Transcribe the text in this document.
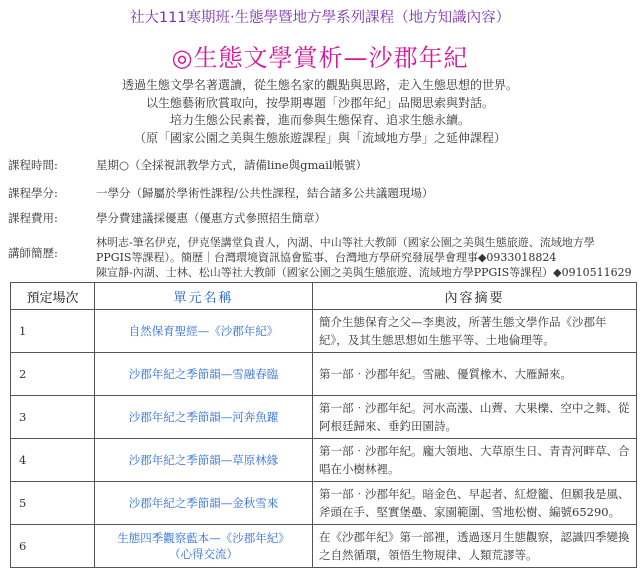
社大111寒期班‧生態學暨地方學系列課程（地方知識內容）
◎生態文學賞析—沙郡年紀
透過生態文學名著選讀，從生態名家的觀點與思路，走入生態思想的世界。
以生態藝術欣賞取向，按學期專題「沙郡年紀」品閱思索與對話。
培力生態公民素養，進而參與生態保育、追求生態永續。
（原「國家公園之美與生態旅遊課程」與「流域地方學」之延伸課程）
課程時間:	星期○（全採視訊教學方式，請備line與gmail帳號）
課程學分:	一學分（歸屬於學術性課程/公共性課程，結合諸多公共議題現場）
課程費用:	學分費建議採優惠（優惠方式參照招生簡章）
講師簡歷:
林明志-筆名伊克，伊克堡講堂負責人，內湖、中山等社大教師（國家公園之美與生態旅遊、流域地方學
PPGIS等課程）。簡歷｜台灣環境資訊協會監事、台灣地方學研究發展學會理事◆0933018824
陳宣靜-內湖、士林、松山等社大教師（國家公園之美與生態旅遊、流域地方學PPGIS等課程）◆0910511629
預定場次	單元名稱	內容摘要
1	自然保育聖經—《沙郡年紀》	簡介生態保育之父—李奧波，所著生態文學作品《沙郡年紀》，及其生態思想如生態平等、土地倫理等。
2	沙郡年紀之季節韻—雪融春臨	第一部‧沙郡年紀。雪融、優質橡木、大雁歸來。
3	沙郡年紀之季節韻—河奔魚躍	第一部‧沙郡年紀。河水高漲、山薺、大果櫟、空中之舞、從阿根廷歸來、垂釣田園詩。
4	沙郡年紀之季節韻—草原林緣	第一部‧沙郡年紀。龐大領地、大草原生日、青青河畔草、合唱在小樹林裡。
5	沙郡年紀之季節韻—金秋雪來	第一部‧沙郡年紀。暗金色、早起者、紅燈籠、但願我是風、斧頭在手、堅實堡壘、家園範圍、雪地松樹、編號65290。
6	生態四季觀察藍本—《沙郡年紀》
（心得交流）	在《沙郡年紀》第一部裡，透過逐月生態觀察，認識四季變換之自然循環，領悟生物規律、人類荒謬等。
